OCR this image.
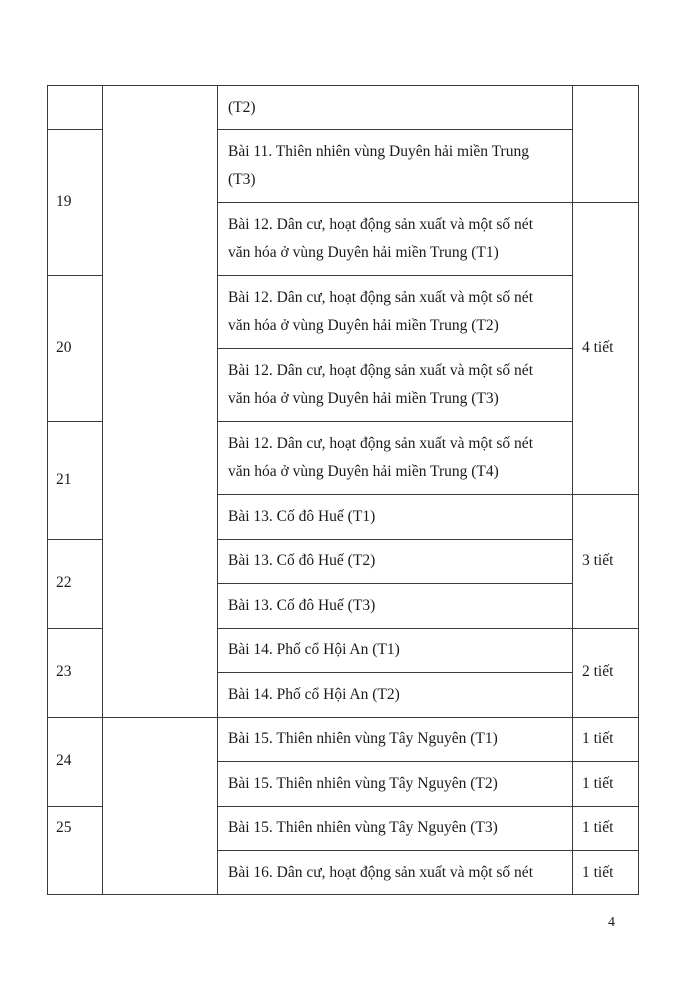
19
20
21
22
23
24
25
(T2)
Bài 11. Thiên nhiên vùng Duyên hải miền Trung
(T3)
Bài 12. Dân cư, hoạt động sản xuất và một số nét
văn hóa ở vùng Duyên hải miền Trung (T1)
Bài 12. Dân cư, hoạt động sản xuất và một số nét
văn hóa ở vùng Duyên hải miền Trung (T2)
Bài 12. Dân cư, hoạt động sản xuất và một số nét
văn hóa ở vùng Duyên hải miền Trung (T3)
Bài 12. Dân cư, hoạt động sản xuất và một số nét
văn hóa ở vùng Duyên hải miền Trung (T4)
Bài 13. Cố đô Huế (T1)
Bài 13. Cố đô Huế (T2)
Bài 13. Cố đô Huế (T3)
Bài 14. Phố cổ Hội An (T1)
Bài 14. Phố cổ Hội An (T2)
Bài 15. Thiên nhiên vùng Tây Nguyên (T1)
Bài 15. Thiên nhiên vùng Tây Nguyên (T2)
Bài 15. Thiên nhiên vùng Tây Nguyên (T3)
Bài 16. Dân cư, hoạt động sản xuất và một số nét
4 tiết
3 tiết
2 tiết
1 tiết
1 tiết
1 tiết
1 tiết
4
